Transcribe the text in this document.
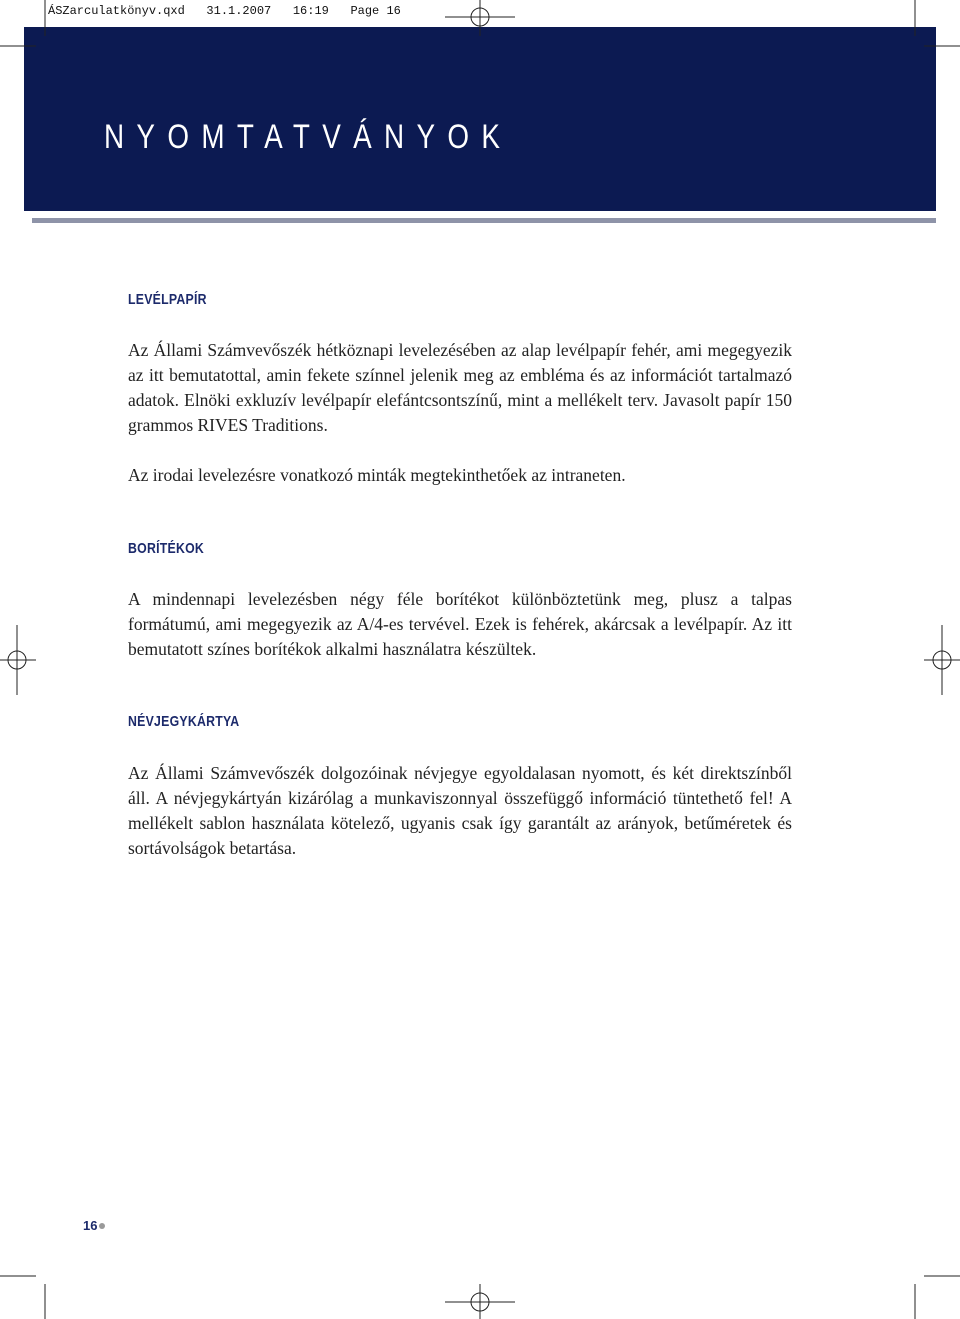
ÁSZarculatkönyv.qxd   31.1.2007   16:19   Page 16
NYOMTATVÁNYOK
LEVÉLPAPÍR
Az Állami Számvevőszék hétköznapi levelezésében az alap levélpapír fehér, ami megegyezik az itt bemutatottal, amin fekete színnel jelenik meg az embléma és az információt tartalmazó adatok. Elnöki exkluzív levélpapír elefántcsontszínű, mint a mellékelt terv. Javasolt papír 150 grammos RIVES Traditions.
Az irodai levelezésre vonatkozó minták megtekinthetőek az intraneten.
BORÍTÉKOK
A mindennapi levelezésben négy féle borítékot különböztetünk meg, plusz a talpas formátumú, ami megegyezik az A/4-es tervével. Ezek is fehérek, akárcsak a levélpapír. Az itt bemutatott színes borítékok alkalmi használatra készültek.
NÉVJEGYKÁRTYA
Az Állami Számvevőszék dolgozóinak névjegye egyoldalasan nyomott, és két direktszínből áll. A névjegykártyán kizárólag a munkaviszonnyal összefüggő információ tüntethető fel! A mellékelt sablon használata kötelező, ugyanis csak így garantált az arányok, betűméretek és sortávolságok betartása.
16
